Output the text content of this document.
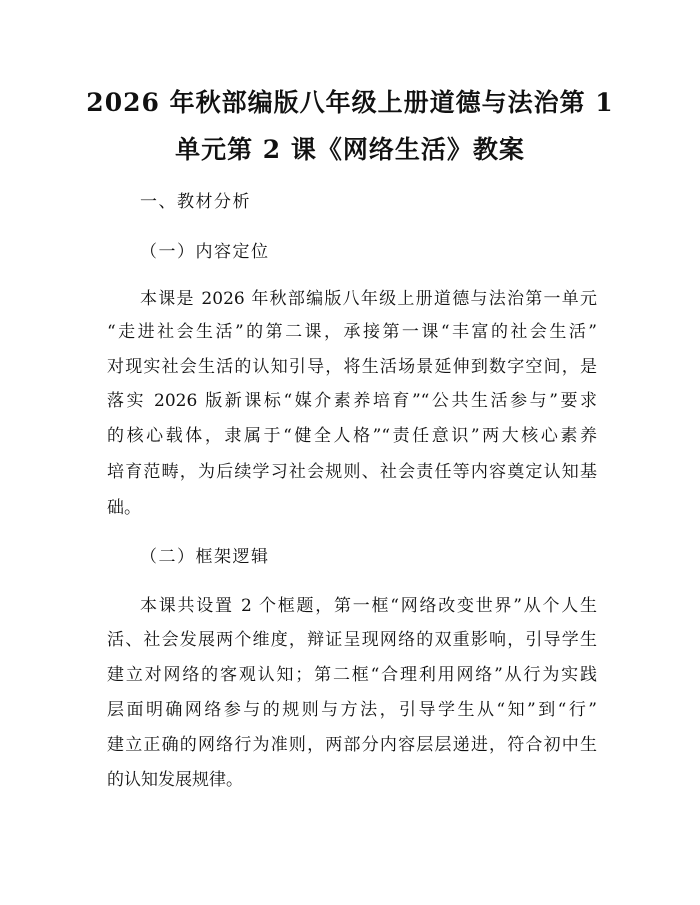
2026 年秋部编版八年级上册道德与法治第 1
单元第 2 课《网络生活》教案
一、教材分析
（一）内容定位
本课是 2026 年秋部编版八年级上册道德与法治第一单元
“走进社会生活”的第二课，承接第一课“丰富的社会生活”
对现实社会生活的认知引导，将生活场景延伸到数字空间，是
落实 2026 版新课标“媒介素养培育”“公共生活参与”要求
的核心载体，隶属于“健全人格”“责任意识”两大核心素养
培育范畴，为后续学习社会规则、社会责任等内容奠定认知基
础。
（二）框架逻辑
本课共设置 2 个框题，第一框“网络改变世界”从个人生
活、社会发展两个维度，辩证呈现网络的双重影响，引导学生
建立对网络的客观认知；第二框“合理利用网络”从行为实践
层面明确网络参与的规则与方法，引导学生从“知”到“行”
建立正确的网络行为准则，两部分内容层层递进，符合初中生
的认知发展规律。
